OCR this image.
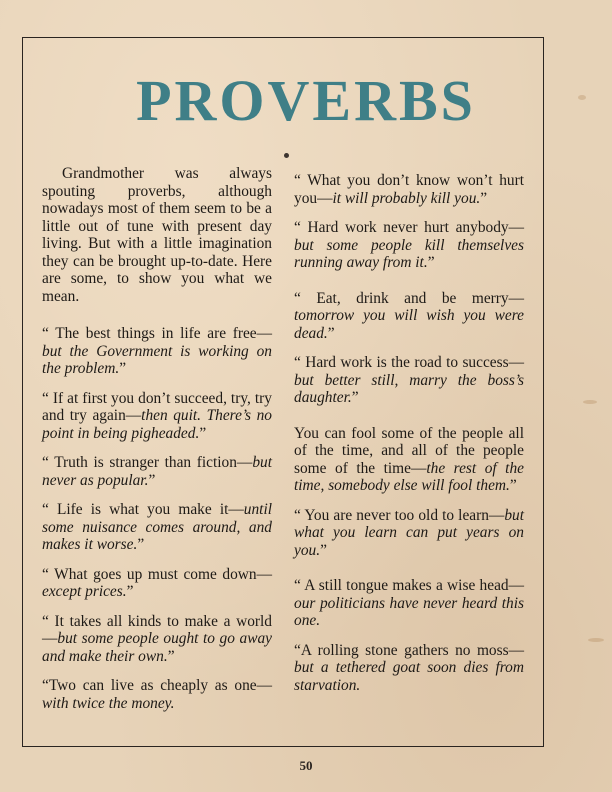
PROVERBS

Grandmother was always spouting proverbs, although nowadays most of them seem to be a little out of tune with present day living. But with a little imagination they can be brought up-to-date. Here are some, to show you what we mean.

“ The best things in life are free—but the Government is working on the problem.”

“ If at first you don’t succeed, try, try and try again—then quit. There’s no point in being pigheaded.”

“ Truth is stranger than fiction—but never as popular.”

“ Life is what you make it—until some nuisance comes around, and makes it worse.”

“ What goes up must come down—except prices.”

“ It takes all kinds to make a world—but some people ought to go away and make their own.”

“Two can live as cheaply as one—with twice the money.

“ What you don’t know won’t hurt you—it will probably kill you.”

“ Hard work never hurt anybody—but some people kill themselves running away from it.”

“ Eat, drink and be merry—tomorrow you will wish you were dead.”

“ Hard work is the road to success—but better still, marry the boss’s daughter.”

You can fool some of the people all of the time, and all of the people some of the time—the rest of the time, somebody else will fool them.”

“ You are never too old to learn—but what you learn can put years on you.”

“ A still tongue makes a wise head—our politicians have never heard this one.

“A rolling stone gathers no moss—but a tethered goat soon dies from starvation.

50
